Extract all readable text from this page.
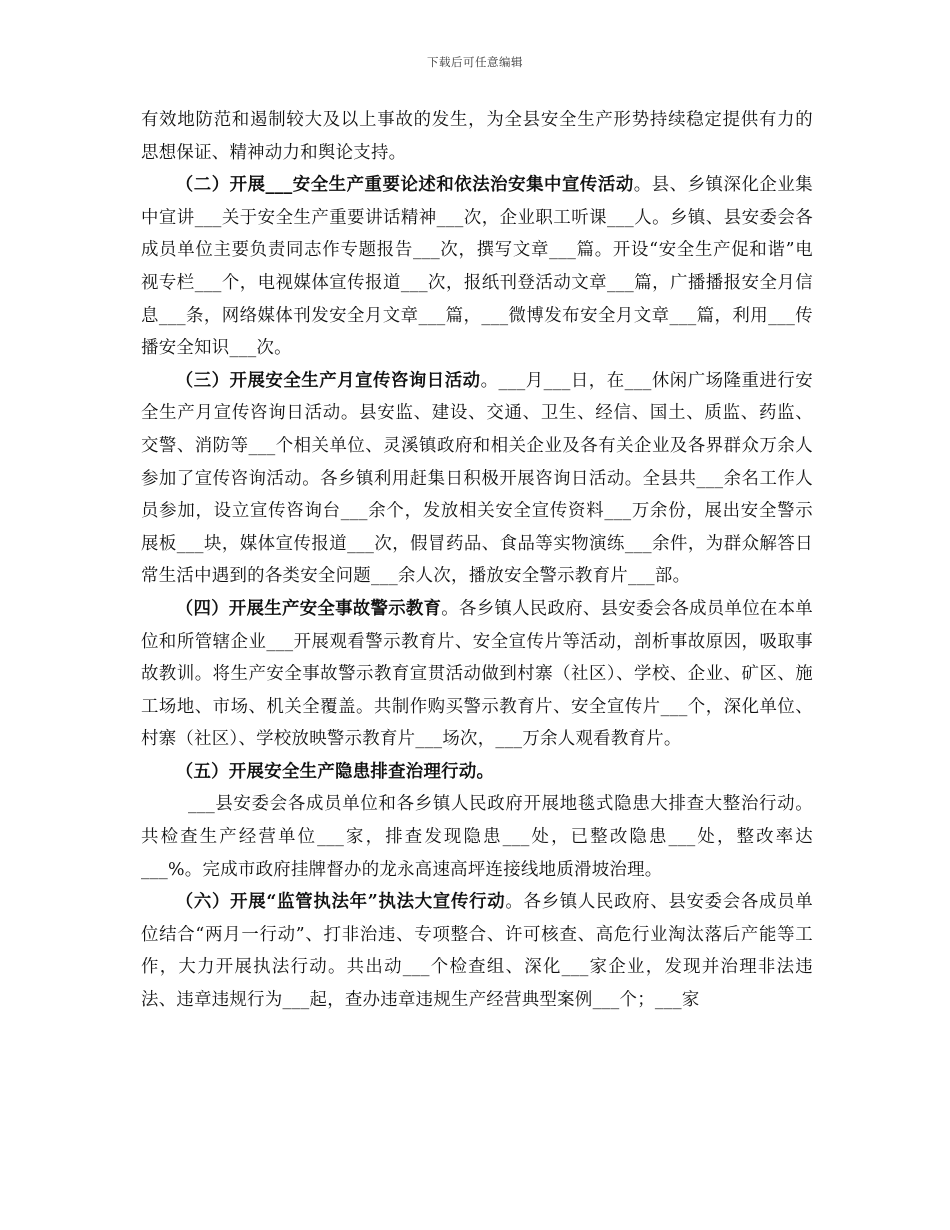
下载后可任意编辑

有效地防范和遏制较大及以上事故的发生，为全县安全生产形势持续稳定提供有力的思想保证、精神动力和舆论支持。

（二）开展___安全生产重要论述和依法治安集中宣传活动。县、乡镇深化企业集中宣讲___关于安全生产重要讲话精神___次，企业职工听课___人。乡镇、县安委会各成员单位主要负责同志作专题报告___次，撰写文章___篇。开设“安全生产促和谐”电视专栏___个，电视媒体宣传报道___次，报纸刊登活动文章___篇，广播播报安全月信息___条，网络媒体刊发安全月文章___篇，___微博发布安全月文章___篇，利用___传播安全知识___次。

（三）开展安全生产月宣传咨询日活动。___月___日，在___休闲广场隆重进行安全生产月宣传咨询日活动。县安监、建设、交通、卫生、经信、国土、质监、药监、交警、消防等___个相关单位、灵溪镇政府和相关企业及各有关企业及各界群众万余人参加了宣传咨询活动。各乡镇利用赶集日积极开展咨询日活动。全县共___余名工作人员参加，设立宣传咨询台___余个，发放相关安全宣传资料___万余份，展出安全警示展板___块，媒体宣传报道___次，假冒药品、食品等实物演练___余件，为群众解答日常生活中遇到的各类安全问题___余人次，播放安全警示教育片___部。

（四）开展生产安全事故警示教育。各乡镇人民政府、县安委会各成员单位在本单位和所管辖企业___开展观看警示教育片、安全宣传片等活动，剖析事故原因，吸取事故教训。将生产安全事故警示教育宣贯活动做到村寨（社区）、学校、企业、矿区、施工场地、市场、机关全覆盖。共制作购买警示教育片、安全宣传片___个，深化单位、村寨（社区）、学校放映警示教育片___场次，___万余人观看教育片。

（五）开展安全生产隐患排查治理行动。

___县安委会各成员单位和各乡镇人民政府开展地毯式隐患大排查大整治行动。共检查生产经营单位___家，排查发现隐患___处，已整改隐患___处，整改率达___%。完成市政府挂牌督办的龙永高速高坪连接线地质滑坡治理。

（六）开展“监管执法年”执法大宣传行动。各乡镇人民政府、县安委会各成员单位结合“两月一行动”、打非治违、专项整合、许可核查、高危行业淘汰落后产能等工作，大力开展执法行动。共出动___个检查组、深化___家企业，发现并治理非法违法、违章违规行为___起，查办违章违规生产经营典型案例___个；___家
